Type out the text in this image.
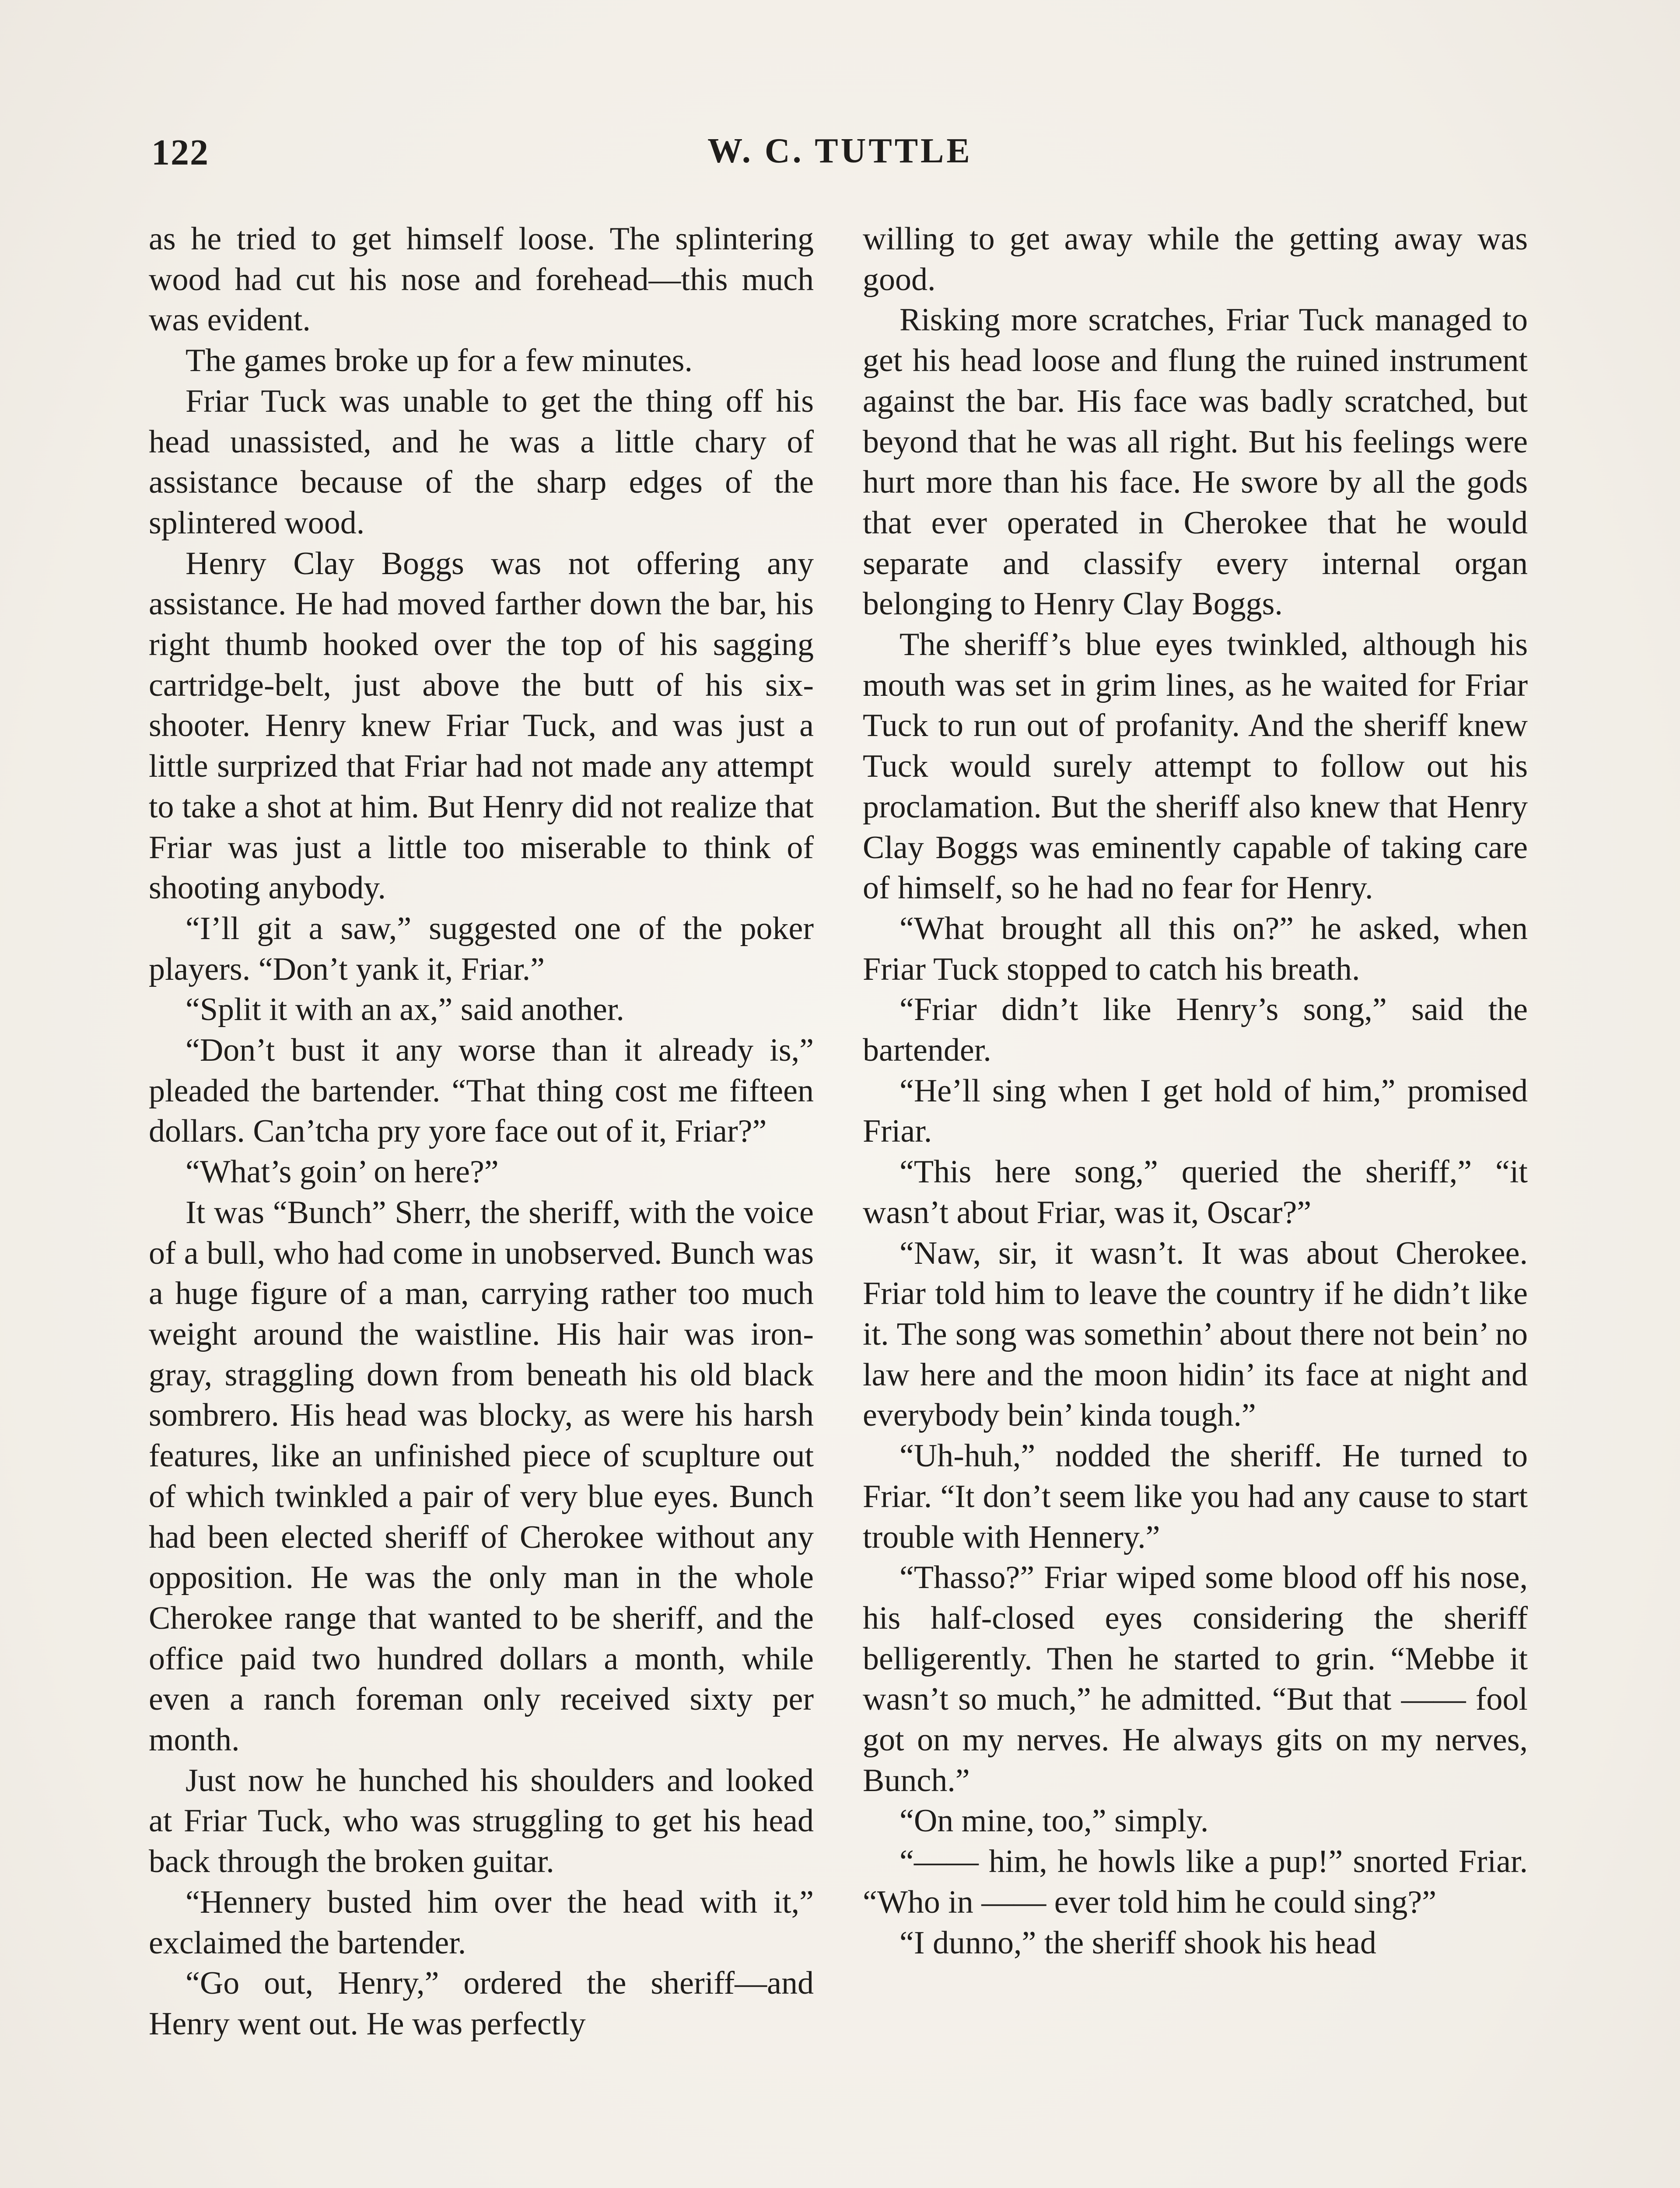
122	W. C. TUTTLE

as he tried to get himself loose. The splintering wood had cut his nose and forehead—this much was evident.

The games broke up for a few minutes.

Friar Tuck was unable to get the thing off his head unassisted, and he was a little chary of assistance because of the sharp edges of the splintered wood.

Henry Clay Boggs was not offering any assistance. He had moved farther down the bar, his right thumb hooked over the top of his sagging cartridge-belt, just above the butt of his six-shooter. Henry knew Friar Tuck, and was just a little surprized that Friar had not made any attempt to take a shot at him. But Henry did not realize that Friar was just a little too miserable to think of shooting anybody.

“I’ll git a saw,” suggested one of the poker players. “Don’t yank it, Friar.”

“Split it with an ax,” said another.

“Don’t bust it any worse than it already is,” pleaded the bartender. “That thing cost me fifteen dollars. Can’tcha pry yore face out of it, Friar?”

“What’s goin’ on here?”

It was “Bunch” Sherr, the sheriff, with the voice of a bull, who had come in unobserved. Bunch was a huge figure of a man, carrying rather too much weight around the waistline. His hair was iron-gray, straggling down from beneath his old black sombrero. His head was blocky, as were his harsh features, like an unfinished piece of scuplture out of which twinkled a pair of very blue eyes. Bunch had been elected sheriff of Cherokee without any opposition. He was the only man in the whole Cherokee range that wanted to be sheriff, and the office paid two hundred dollars a month, while even a ranch foreman only received sixty per month.

Just now he hunched his shoulders and looked at Friar Tuck, who was struggling to get his head back through the broken guitar.

“Hennery busted him over the head with it,” exclaimed the bartender.

“Go out, Henry,” ordered the sheriff—and Henry went out. He was perfectly

willing to get away while the getting away was good.

Risking more scratches, Friar Tuck managed to get his head loose and flung the ruined instrument against the bar. His face was badly scratched, but beyond that he was all right. But his feelings were hurt more than his face. He swore by all the gods that ever operated in Cherokee that he would separate and classify every internal organ belonging to Henry Clay Boggs.

The sheriff’s blue eyes twinkled, although his mouth was set in grim lines, as he waited for Friar Tuck to run out of profanity. And the sheriff knew Tuck would surely attempt to follow out his proclamation. But the sheriff also knew that Henry Clay Boggs was eminently capable of taking care of himself, so he had no fear for Henry.

“What brought all this on?” he asked, when Friar Tuck stopped to catch his breath.

“Friar didn’t like Henry’s song,” said the bartender.

“He’ll sing when I get hold of him,” promised Friar.

“This here song,” queried the sheriff,” “it wasn’t about Friar, was it, Oscar?”

“Naw, sir, it wasn’t. It was about Cherokee. Friar told him to leave the country if he didn’t like it. The song was somethin’ about there not bein’ no law here and the moon hidin’ its face at night and everybody bein’ kinda tough.”

“Uh-huh,” nodded the sheriff. He turned to Friar. “It don’t seem like you had any cause to start trouble with Hennery.”

“Thasso?” Friar wiped some blood off his nose, his half-closed eyes considering the sheriff belligerently. Then he started to grin. “Mebbe it wasn’t so much,” he admitted. “But that —— fool got on my nerves. He always gits on my nerves, Bunch.”

“On mine, too,” simply.

“—— him, he howls like a pup!” snorted Friar. “Who in —— ever told him he could sing?”

“I dunno,” the sheriff shook his head
